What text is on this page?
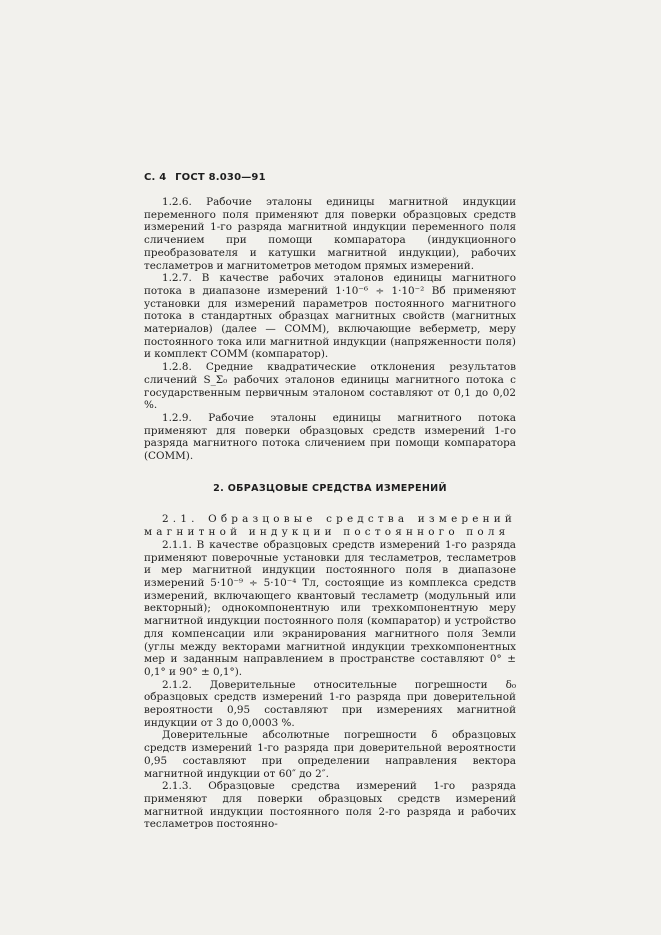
С. 4 ГОСТ 8.030—91

1.2.6. Рабочие эталоны единицы магнитной индукции переменного поля применяют для поверки образцовых средств измерений 1-го разряда магнитной индукции переменного поля сличением при помощи компаратора (индукционного преобразователя и катушки магнитной индукции), рабочих тесламетров и магнитометров методом прямых измерений.

1.2.7. В качестве рабочих эталонов единицы магнитного потока в диапазоне измерений 1·10⁻⁶ ÷ 1·10⁻² Вб применяют установки для измерений параметров постоянного магнитного потока в стандартных образцах магнитных свойств (магнитных материалов) (далее — СОММ), включающие веберметр, меру постоянного тока или магнитной индукции (напряженности поля) и комплект СОММ (компаратор).

1.2.8. Средние квадратические отклонения результатов сличений S_Σ₀ рабочих эталонов единицы магнитного потока с государственным первичным эталоном составляют от 0,1 до 0,02 %.

1.2.9. Рабочие эталоны единицы магнитного потока применяют для поверки образцовых средств измерений 1-го разряда магнитного потока сличением при помощи компаратора (СОММ).

2. ОБРАЗЦОВЫЕ СРЕДСТВА ИЗМЕРЕНИЙ

2.1. Образцовые средства измерений магнитной индукции постоянного поля

2.1.1. В качестве образцовых средств измерений 1-го разряда применяют поверочные установки для тесламетров, тесламетров и мер магнитной индукции постоянного поля в диапазоне измерений 5·10⁻⁹ ÷ 5·10⁻⁴ Тл, состоящие из комплекса средств измерений, включающего квантовый тесламетр (модульный или векторный); однокомпонентную или трехкомпонентную меру магнитной индукции постоянного поля (компаратор) и устройство для компенсации или экранирования магнитного поля Земли (углы между векторами магнитной индукции трехкомпонентных мер и заданным направлением в пространстве составляют 0° ± 0,1° и 90° ± 0,1°).

2.1.2. Доверительные относительные погрешности δ₀ образцовых средств измерений 1-го разряда при доверительной вероятности 0,95 составляют при измерениях магнитной индукции от 3 до 0,0003 %.

Доверительные абсолютные погрешности δ образцовых средств измерений 1-го разряда при доверительной вероятности 0,95 составляют при определении направления вектора магнитной индукции от 60″ до 2″.

2.1.3. Образцовые средства измерений 1-го разряда применяют для поверки образцовых средств измерений магнитной индукции постоянного поля 2-го разряда и рабочих тесламетров постоянно-
